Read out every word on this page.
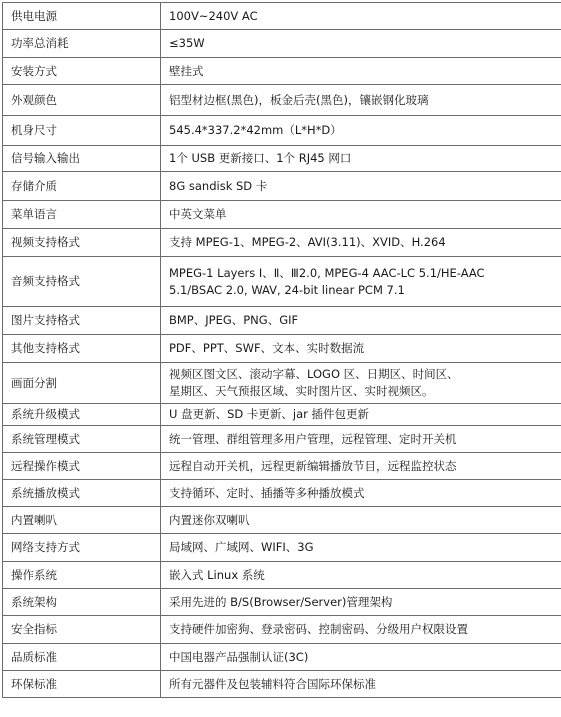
供电电源	100V~240V AC

功率总消耗	≤35W

安装方式	壁挂式

外观颜色	铝型材边框(黑色)，板金后壳(黑色)，镶嵌钢化玻璃

机身尺寸	545.4*337.2*42mm（L*H*D）

信号输入输出	1个 USB 更新接口、1个 RJ45 网口

存储介质	8G sandisk SD 卡

菜单语言	中英文菜单

视频支持格式	支持 MPEG-1、MPEG-2、AVI(3.11)、XVID、H.264

音频支持格式	MPEG-1 Layers Ⅰ、Ⅱ、Ⅲ2.0, MPEG-4 AAC-LC 5.1/HE-AAC
5.1/BSAC 2.0, WAV, 24-bit linear PCM 7.1

图片支持格式	BMP、JPEG、PNG、GIF

其他支持格式	PDF、PPT、SWF、文本、实时数据流

画面分割	视频区图文区、滚动字幕、LOGO 区、日期区、时间区、
星期区、天气预报区域、实时图片区、实时视频区。

系统升级模式	U 盘更新、SD 卡更新、jar 插件包更新

系统管理模式	统一管理、群组管理多用户管理，远程管理、定时开关机

远程操作模式	远程自动开关机，远程更新编辑播放节目，远程监控状态

系统播放模式	支持循环、定时、插播等多种播放模式

内置喇叭	内置迷你双喇叭

网络支持方式	局域网、广域网、WIFI、3G

操作系统	嵌入式 Linux 系统

系统架构	采用先进的 B/S(Browser/Server)管理架构

安全指标	支持硬件加密狗、登录密码、控制密码、分级用户权限设置

品质标准	中国电器产品强制认证(3C)

环保标准	所有元器件及包装辅料符合国际环保标准
